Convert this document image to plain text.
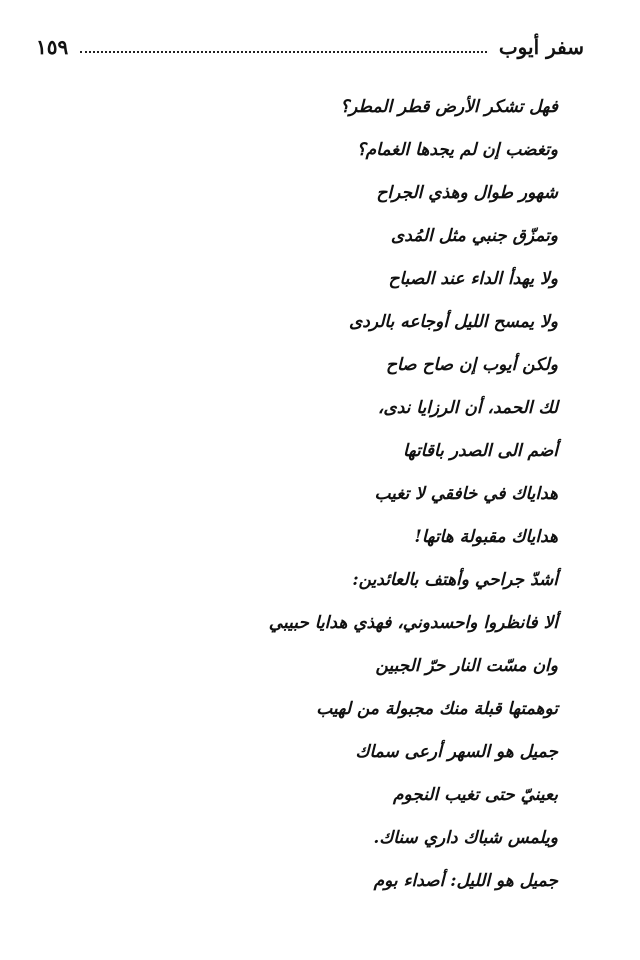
سفر أيوب
١٥٩
فهل تشكر الأرض قطر المطر؟
وتغضب إن لم يجدها الغمام؟
شهور طوال وهذي الجراح
وتمزّق جنبي مثل المُدى
ولا يهدأ الداء عند الصباح
ولا يمسح الليل أوجاعه بالردى
ولكن أيوب إن صاح صاح
لك الحمد، أن الرزايا ندى،
أضم الى الصدر باقاتها
هداياك في خافقي لا تغيب
هداياك مقبولة هاتها!
أشدّ جراحي وأهتف بالعائدين:
ألا فانظروا واحسدوني، فهذي هدايا حبيبي
وان مسّت النار حرّ الجبين
توهمتها قبلة منك مجبولة من لهيب
جميل هو السهر أرعى سماك
بعينيّ حتى تغيب النجوم
ويلمس شباك داري سناك.
جميل هو الليل: أصداء بوم
